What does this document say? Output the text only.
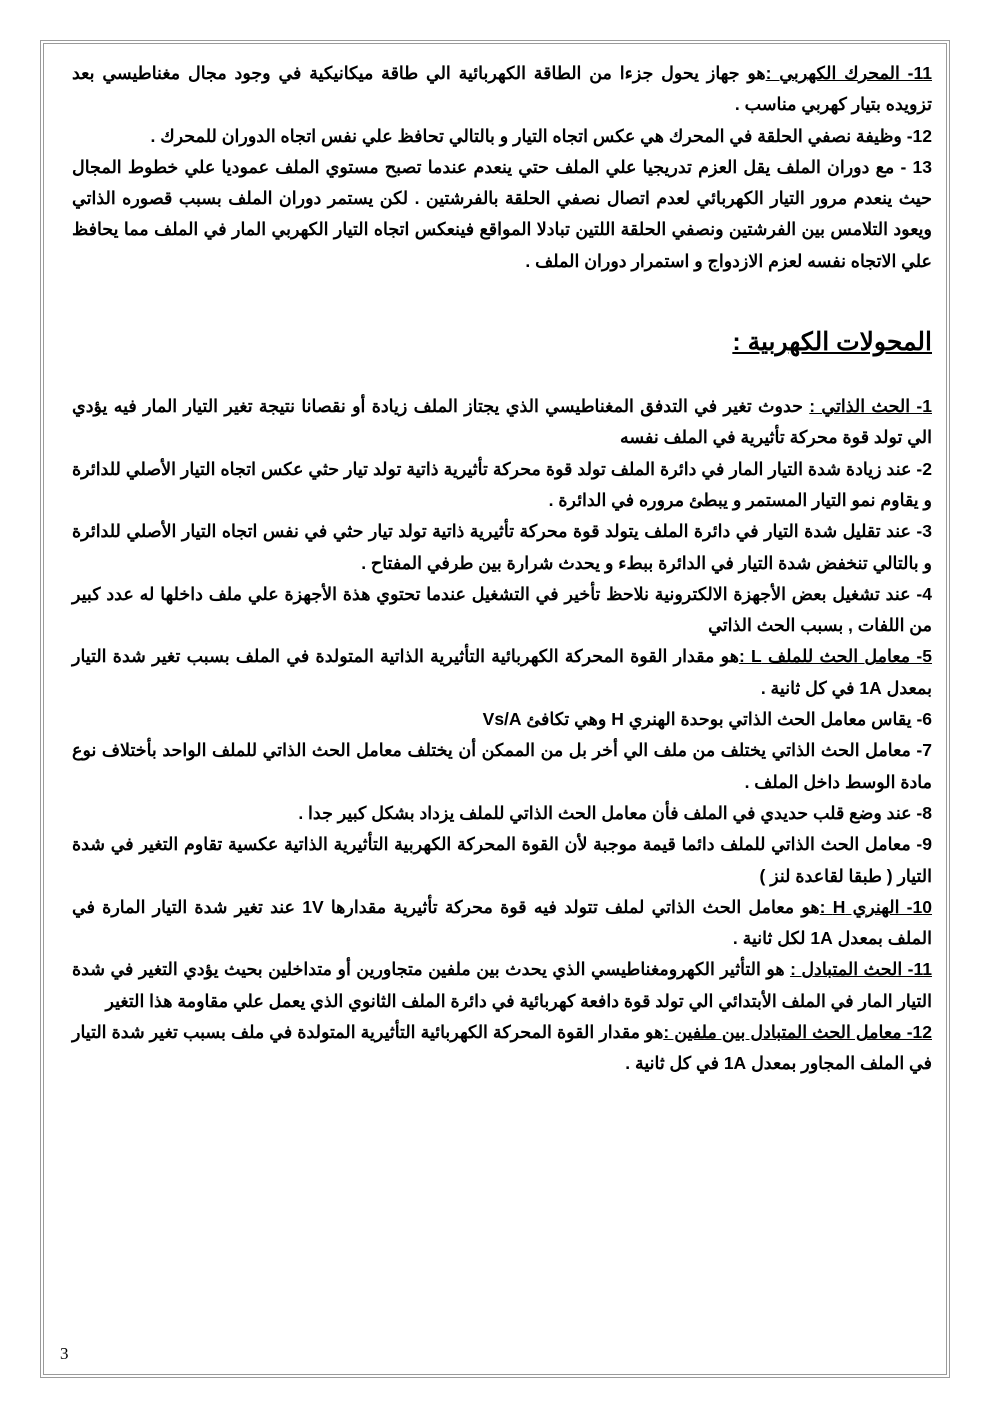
11- المحرك الكهربي :هو جهاز يحول جزءا من الطاقة الكهربائية الي طاقة ميكانيكية في وجود مجال مغناطيسي بعد تزويده بتيار كهربي مناسب .

12- وظيفة نصفي الحلقة في المحرك هي عكس اتجاه التيار و بالتالي تحافظ علي نفس اتجاه الدوران للمحرك .

13 - مع دوران الملف يقل العزم تدريجيا علي الملف حتي ينعدم عندما تصبح مستوي الملف عموديا علي خطوط المجال حيث ينعدم مرور التيار الكهربائي لعدم اتصال نصفي الحلقة بالفرشتين . لكن يستمر دوران الملف بسبب قصوره الذاتي ويعود التلامس بين الفرشتين ونصفي الحلقة اللتين تبادلا المواقع فينعكس اتجاه التيار الكهربي المار في الملف مما يحافظ علي الاتجاه نفسه لعزم الازدواج و استمرار دوران الملف .

المحولات الكهربية :

1- الحث الذاتي : حدوث تغير في التدفق المغناطيسي الذي يجتاز الملف زيادة أو نقصانا نتيجة تغير التيار المار فيه يؤدي الي تولد قوة محركة تأثيرية في الملف نفسه

2- عند زيادة شدة التيار المار في دائرة الملف تولد قوة محركة تأثيرية ذاتية تولد تيار حثي عكس اتجاه التيار الأصلي للدائرة و يقاوم نمو التيار المستمر و يبطئ مروره في الدائرة .

3- عند تقليل شدة التيار في دائرة الملف يتولد قوة محركة تأثيرية ذاتية تولد تيار حثي في نفس اتجاه التيار الأصلي للدائرة و بالتالي تنخفض شدة التيار في الدائرة ببطء و يحدث شرارة بين طرفي المفتاح .

4- عند تشغيل بعض الأجهزة الالكترونية نلاحظ تأخير في التشغيل عندما تحتوي هذة الأجهزة علي ملف داخلها له عدد كبير من اللفات , بسبب الحث الذاتي

5- معامل الحث للملف L :هو مقدار القوة المحركة الكهربائية التأثيرية الذاتية المتولدة في الملف بسبب تغير شدة التيار بمعدل 1A في كل ثانية .

6- يقاس معامل الحث الذاتي بوحدة الهنري H وهي تكافئ Vs/A

7- معامل الحث الذاتي يختلف من ملف الي أخر بل من الممكن أن يختلف معامل الحث الذاتي للملف الواحد بأختلاف نوع مادة الوسط داخل الملف .

8- عند وضع قلب حديدي في الملف فأن معامل الحث الذاتي للملف يزداد بشكل كبير جدا .

9- معامل الحث الذاتي للملف دائما قيمة موجبة لأن القوة المحركة الكهربية التأثيرية الذاتية عكسية تقاوم التغير في شدة التيار ( طبقا لقاعدة لنز )

10- الهنري H :هو معامل الحث الذاتي لملف تتولد فيه قوة محركة تأثيرية مقدارها 1V عند تغير شدة التيار المارة في الملف بمعدل 1A لكل ثانية .

11- الحث المتبادل : هو التأثير الكهرومغناطيسي الذي يحدث بين ملفين متجاورين أو متداخلين بحيث يؤدي التغير في شدة التيار المار في الملف الأبتدائي الي تولد قوة دافعة كهربائية في دائرة الملف الثانوي الذي يعمل علي مقاومة هذا التغير

12- معامل الحث المتبادل بين ملفين :هو مقدار القوة المحركة الكهربائية التأثيرية المتولدة في ملف بسبب تغير شدة التيار في الملف المجاور بمعدل 1A في كل ثانية .

3
